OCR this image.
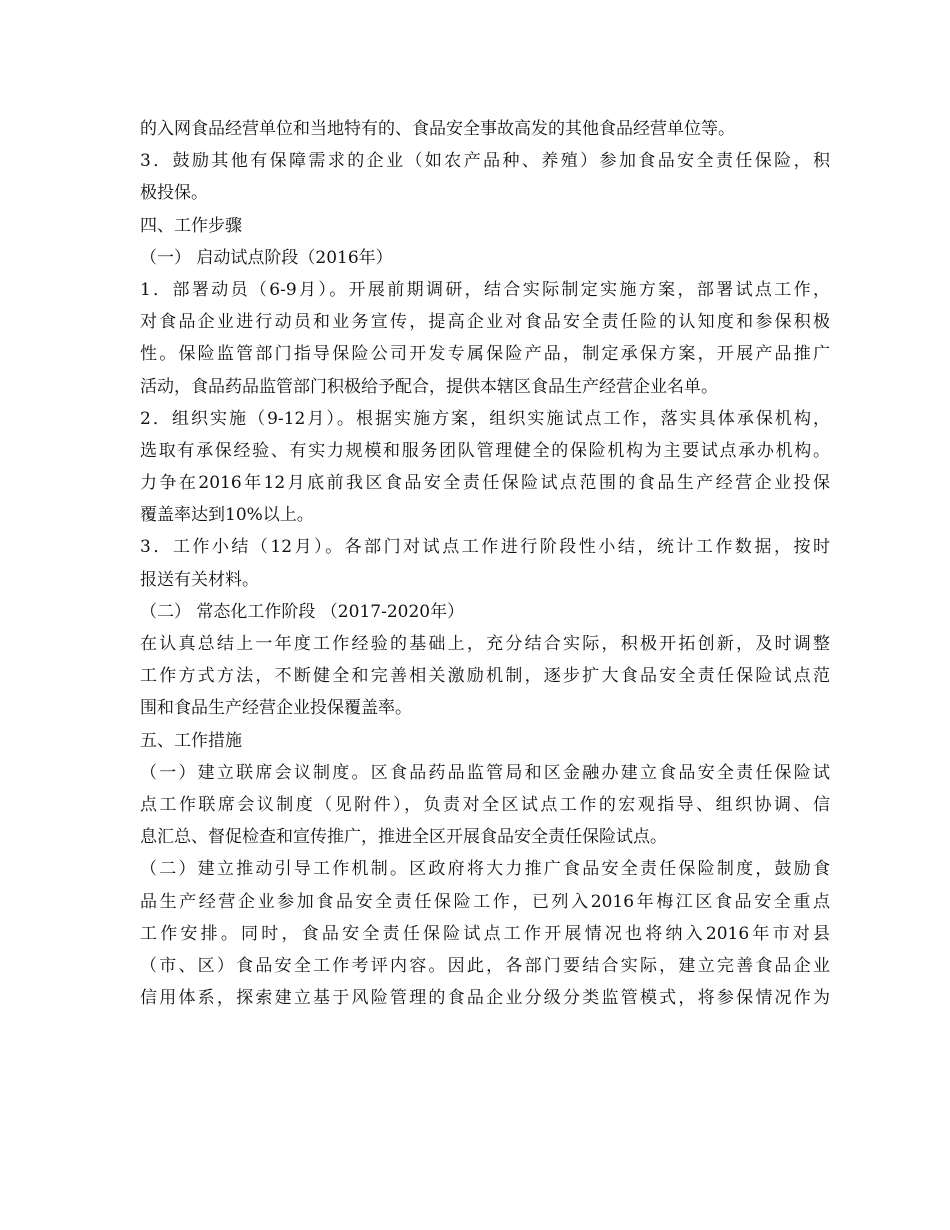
的入网食品经营单位和当地特有的、食品安全事故高发的其他食品经营单位等。
3．鼓励其他有保障需求的企业（如农产品种、养殖）参加食品安全责任保险，积
极投保。
四、工作步骤
（一） 启动试点阶段（2016年）
1．部署动员（6-9月）。开展前期调研，结合实际制定实施方案，部署试点工作，
对食品企业进行动员和业务宣传，提高企业对食品安全责任险的认知度和参保积极
性。保险监管部门指导保险公司开发专属保险产品，制定承保方案，开展产品推广
活动，食品药品监管部门积极给予配合，提供本辖区食品生产经营企业名单。
2．组织实施（9-12月）。根据实施方案，组织实施试点工作，落实具体承保机构，
选取有承保经验、有实力规模和服务团队管理健全的保险机构为主要试点承办机构。
力争在2016年12月底前我区食品安全责任保险试点范围的食品生产经营企业投保
覆盖率达到10%以上。
3．工作小结（12月）。各部门对试点工作进行阶段性小结，统计工作数据，按时
报送有关材料。
（二） 常态化工作阶段 （2017-2020年）
在认真总结上一年度工作经验的基础上，充分结合实际，积极开拓创新，及时调整
工作方式方法，不断健全和完善相关激励机制，逐步扩大食品安全责任保险试点范
围和食品生产经营企业投保覆盖率。
五、工作措施
（一）建立联席会议制度。区食品药品监管局和区金融办建立食品安全责任保险试
点工作联席会议制度（见附件），负责对全区试点工作的宏观指导、组织协调、信
息汇总、督促检查和宣传推广，推进全区开展食品安全责任保险试点。
（二）建立推动引导工作机制。区政府将大力推广食品安全责任保险制度，鼓励食
品生产经营企业参加食品安全责任保险工作，已列入2016年梅江区食品安全重点
工作安排。同时，食品安全责任保险试点工作开展情况也将纳入2016年市对县
（市、区）食品安全工作考评内容。因此，各部门要结合实际，建立完善食品企业
信用体系，探索建立基于风险管理的食品企业分级分类监管模式，将参保情况作为
